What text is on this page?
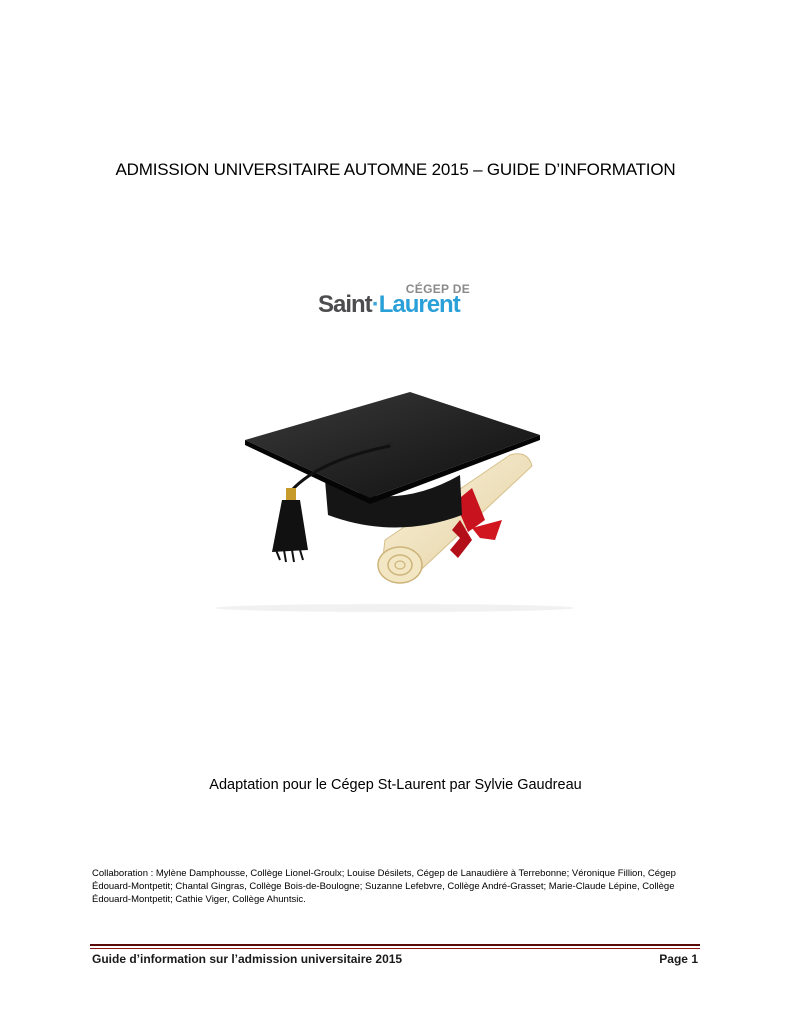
ADMISSION UNIVERSITAIRE AUTOMNE 2015 – GUIDE D’INFORMATION
CÉGEP DE
Saint·Laurent
Adaptation pour le Cégep St-Laurent par Sylvie Gaudreau
Collaboration : Mylène Damphousse, Collège Lionel-Groulx; Louise Désilets, Cégep de Lanaudière à Terrebonne; Véronique Fillion, Cégep Édouard-Montpetit; Chantal Gingras, Collège Bois-de-Boulogne; Suzanne Lefebvre, Collège André-Grasset; Marie-Claude Lépine, Collège Édouard-Montpetit; Cathie Viger, Collège Ahuntsic.
Guide d’information sur l’admission universitaire 2015	Page 1
